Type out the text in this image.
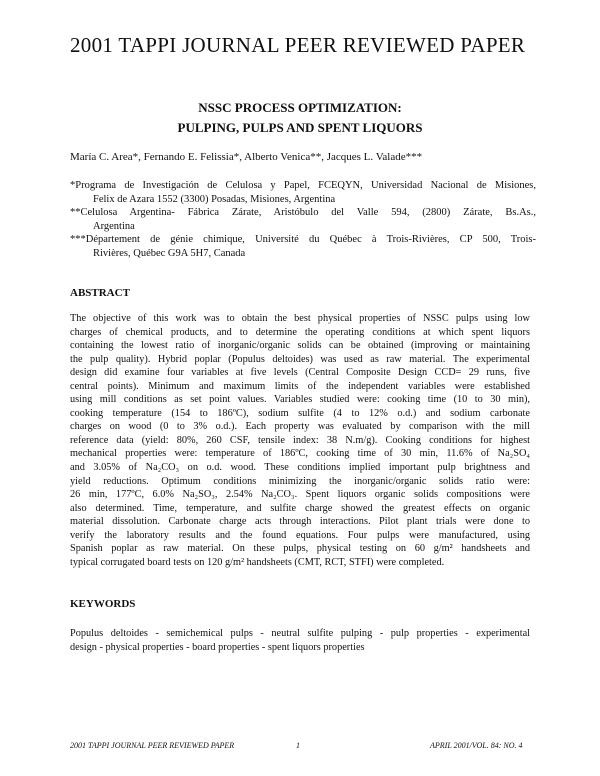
2001 TAPPI JOURNAL PEER REVIEWED PAPER
NSSC PROCESS OPTIMIZATION:
PULPING, PULPS AND SPENT LIQUORS

María C. Area*, Fernando E. Felissia*, Alberto Venica**, Jacques L. Valade***

*Programa de Investigación de Celulosa y Papel, FCEQYN, Universidad Nacional de Misiones,
Felix de Azara 1552 (3300) Posadas, Misiones, Argentina
**Celulosa Argentina- Fábrica Zárate, Aristóbulo del Valle 594, (2800) Zárate, Bs.As.,
Argentina
***Département de génie chimique, Université du Québec à Trois-Rivières, CP 500, Trois-
Rivières, Québec G9A 5H7, Canada
ABSTRACT
The objective of this work was to obtain the best physical properties of NSSC pulps using low
charges of chemical products, and to determine the operating conditions at which spent liquors
containing the lowest ratio of inorganic/organic solids can be obtained (improving or maintaining
the pulp quality). Hybrid poplar (Populus deltoides) was used as raw material. The experimental
design did examine four variables at five levels (Central Composite Design CCD= 29 runs, five
central points). Minimum and maximum limits of the independent variables were established
using mill conditions as set point values. Variables studied were: cooking time (10 to 30 min),
cooking temperature (154 to 186ºC), sodium sulfite (4 to 12% o.d.) and sodium carbonate
charges on wood (0 to 3% o.d.). Each property was evaluated by comparison with the mill
reference data (yield: 80%, 260 CSF, tensile index: 38 N.m/g). Cooking conditions for highest
mechanical properties were: temperature of 186ºC, cooking time of 30 min, 11.6% of Na₂SO₄
and 3.05% of Na₂CO₃ on o.d. wood. These conditions implied important pulp brightness and
yield reductions. Optimum conditions minimizing the inorganic/organic solids ratio were:
26 min, 177ºC, 6.0% Na₂SO₃, 2.54% Na₂CO₃. Spent liquors organic solids compositions were
also determined. Time, temperature, and sulfite charge showed the greatest effects on organic
material dissolution. Carbonate charge acts through interactions. Pilot plant trials were done to
verify the laboratory results and the found equations. Four pulps were manufactured, using
Spanish poplar as raw material. On these pulps, physical testing on 60 g/m² handsheets and
typical corrugated board tests on 120 g/m² handsheets (CMT, RCT, STFI) were completed.
KEYWORDS
Populus deltoides - semichemical pulps - neutral sulfite pulping - pulp properties - experimental
design - physical properties - board properties - spent liquors properties

2001 TAPPI JOURNAL PEER REVIEWED PAPER	1	APRIL 2001/VOL. 84: NO. 4
